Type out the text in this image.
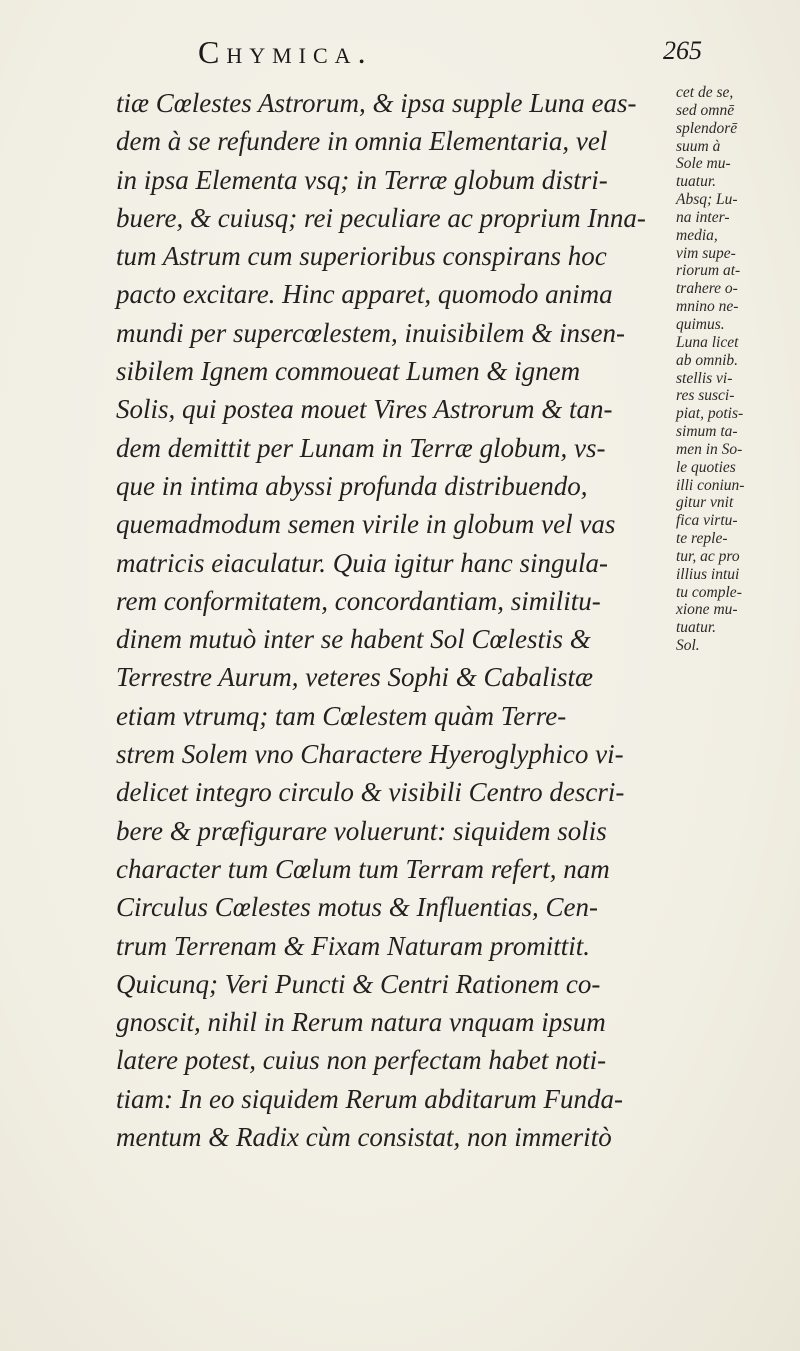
Chymica.	265
tiæ Cœlestes Astrorum, & ipsa supple Luna eas-
dem à se refundere in omnia Elementaria, vel
in ipsa Elementa vsq; in Terræ globum distri-
buere, & cuiusq; rei peculiare ac proprium Inna-
tum Astrum cum superioribus conspirans hoc
pacto excitare. Hinc apparet, quomodo anima
mundi per supercœlestem, inuisibilem & insen-
sibilem Ignem commoueat Lumen & ignem
Solis, qui postea mouet Vires Astrorum & tan-
dem demittit per Lunam in Terræ globum, vs-
que in intima abyssi profunda distribuendo,
quemadmodum semen virile in globum vel vas
matricis eiaculatur. Quia igitur hanc singula-
rem conformitatem, concordantiam, similitu-
dinem mutuò inter se habent Sol Cœlestis &
Terrestre Aurum, veteres Sophi & Cabalistæ
etiam vtrumq; tam Cœlestem quàm Terre-
strem Solem vno Charactere Hyeroglyphico vi-
delicet integro circulo & visibili Centro descri-
bere & præfigurare voluerunt: siquidem solis
character tum Cœlum tum Terram refert, nam
Circulus Cœlestes motus & Influentias, Cen-
trum Terrenam & Fixam Naturam promittit.
Quicunq; Veri Puncti & Centri Rationem co-
gnoscit, nihil in Rerum natura vnquam ipsum
latere potest, cuius non perfectam habet noti-
tiam: In eo siquidem Rerum abditarum Funda-
mentum & Radix cùm consistat, non immeritò
cet de se,
sed omnē
splendorē
suum à
Sole mu-
tuatur.
Absq; Lu-
na inter-
media,
vim supe-
riorum at-
trahere o-
mnino ne-
quimus.
Luna licet
ab omnib.
stellis vi-
res susci-
piat, potis-
simum ta-
men in So-
le quoties
illi coniun-
gitur vnit
fica virtu-
te reple-
tur, ac pro
illius intui
tu comple-
xione mu-
tuatur.
Sol.
